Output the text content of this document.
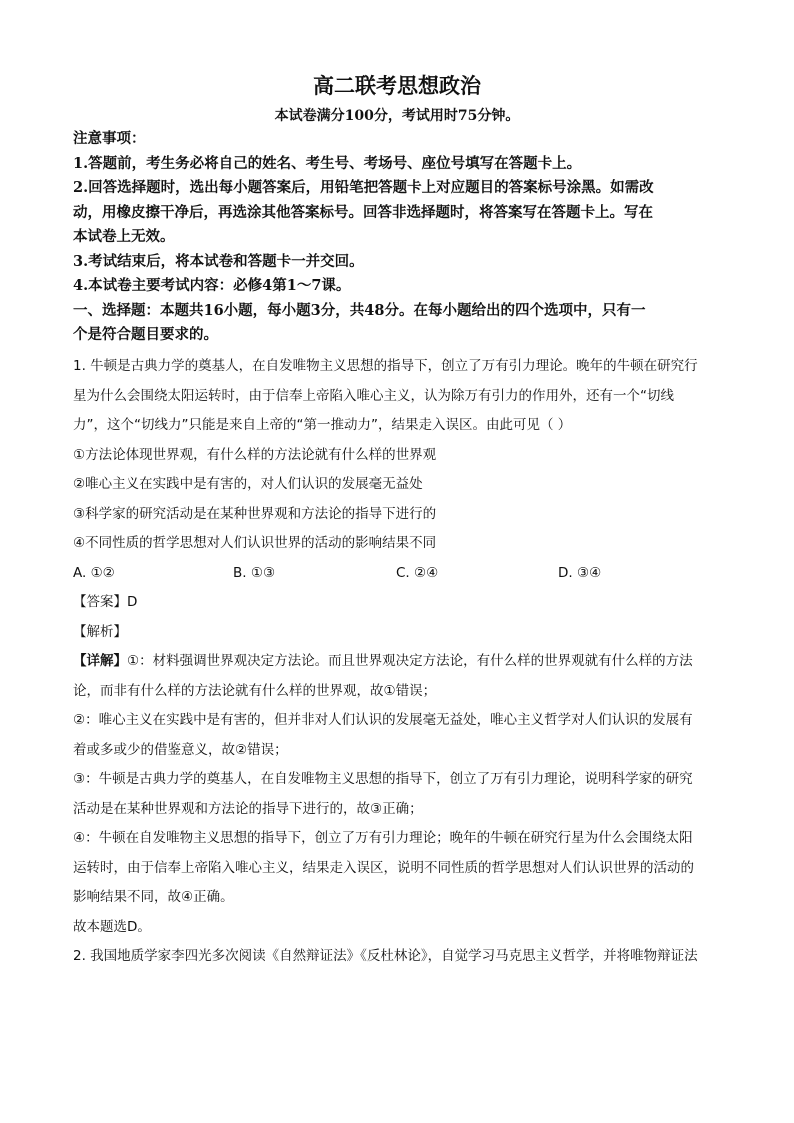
高二联考思想政治
本试卷满分100分，考试用时75分钟。
注意事项：
1.答题前，考生务必将自己的姓名、考生号、考场号、座位号填写在答题卡上。
2.回答选择题时，选出每小题答案后，用铅笔把答题卡上对应题目的答案标号涂黑。如需改
动，用橡皮擦干净后，再选涂其他答案标号。回答非选择题时，将答案写在答题卡上。写在
本试卷上无效。
3.考试结束后，将本试卷和答题卡一并交回。
4.本试卷主要考试内容：必修4第1～7课。
一、选择题：本题共16小题，每小题3分，共48分。在每小题给出的四个选项中，只有一
个是符合题目要求的。
1. 牛顿是古典力学的奠基人，在自发唯物主义思想的指导下，创立了万有引力理论。晚年的牛顿在研究行
星为什么会围绕太阳运转时，由于信奉上帝陷入唯心主义，认为除万有引力的作用外，还有一个“切线
力”，这个“切线力”只能是来自上帝的“第一推动力”，结果走入误区。由此可见（ ）
①方法论体现世界观，有什么样的方法论就有什么样的世界观
②唯心主义在实践中是有害的，对人们认识的发展毫无益处
③科学家的研究活动是在某种世界观和方法论的指导下进行的
④不同性质的哲学思想对人们认识世界的活动的影响结果不同
A. ①②	B. ①③	C. ②④	D. ③④
【答案】D
【解析】
【详解】①：材料强调世界观决定方法论。而且世界观决定方法论，有什么样的世界观就有什么样的方法
论，而非有什么样的方法论就有什么样的世界观，故①错误；
②：唯心主义在实践中是有害的，但并非对人们认识的发展毫无益处，唯心主义哲学对人们认识的发展有
着或多或少的借鉴意义，故②错误；
③：牛顿是古典力学的奠基人，在自发唯物主义思想的指导下，创立了万有引力理论，说明科学家的研究
活动是在某种世界观和方法论的指导下进行的，故③正确；
④：牛顿在自发唯物主义思想的指导下，创立了万有引力理论；晚年的牛顿在研究行星为什么会围绕太阳
运转时，由于信奉上帝陷入唯心主义，结果走入误区，说明不同性质的哲学思想对人们认识世界的活动的
影响结果不同，故④正确。
故本题选D。
2. 我国地质学家李四光多次阅读《自然辩证法》《反杜林论》，自觉学习马克思主义哲学，并将唯物辩证法
